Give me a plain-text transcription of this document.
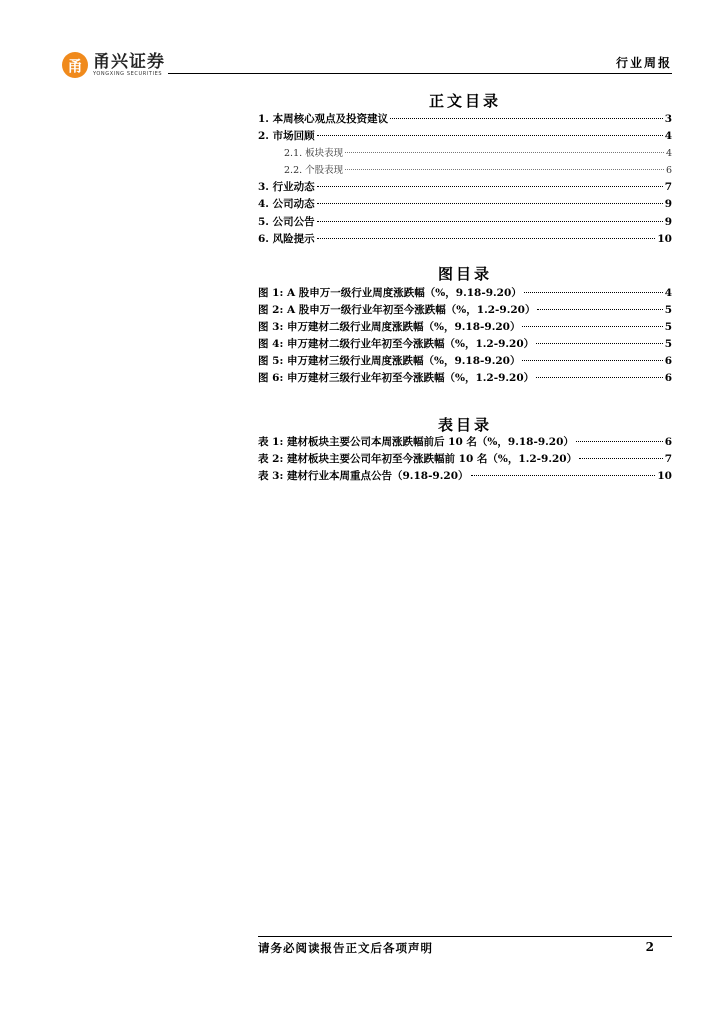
甬 甬兴证券
YONGXING SECURITIES
行业周报
正文目录
1. 本周核心观点及投资建议	3
2. 市场回顾	4
2.1. 板块表现	4
2.2. 个股表现	6
3. 行业动态	7
4. 公司动态	9
5. 公司公告	9
6. 风险提示	10
图目录
图 1: A 股申万一级行业周度涨跌幅（%，9.18-9.20）	4
图 2: A 股申万一级行业年初至今涨跌幅（%，1.2-9.20）	5
图 3: 申万建材二级行业周度涨跌幅（%，9.18-9.20）	5
图 4: 申万建材二级行业年初至今涨跌幅（%，1.2-9.20）	5
图 5: 申万建材三级行业周度涨跌幅（%，9.18-9.20）	6
图 6: 申万建材三级行业年初至今涨跌幅（%，1.2-9.20）	6
表目录
表 1: 建材板块主要公司本周涨跌幅前后 10 名（%，9.18-9.20）	6
表 2: 建材板块主要公司年初至今涨跌幅前 10 名（%，1.2-9.20）	7
表 3: 建材行业本周重点公告（9.18-9.20）	10
请务必阅读报告正文后各项声明	2
